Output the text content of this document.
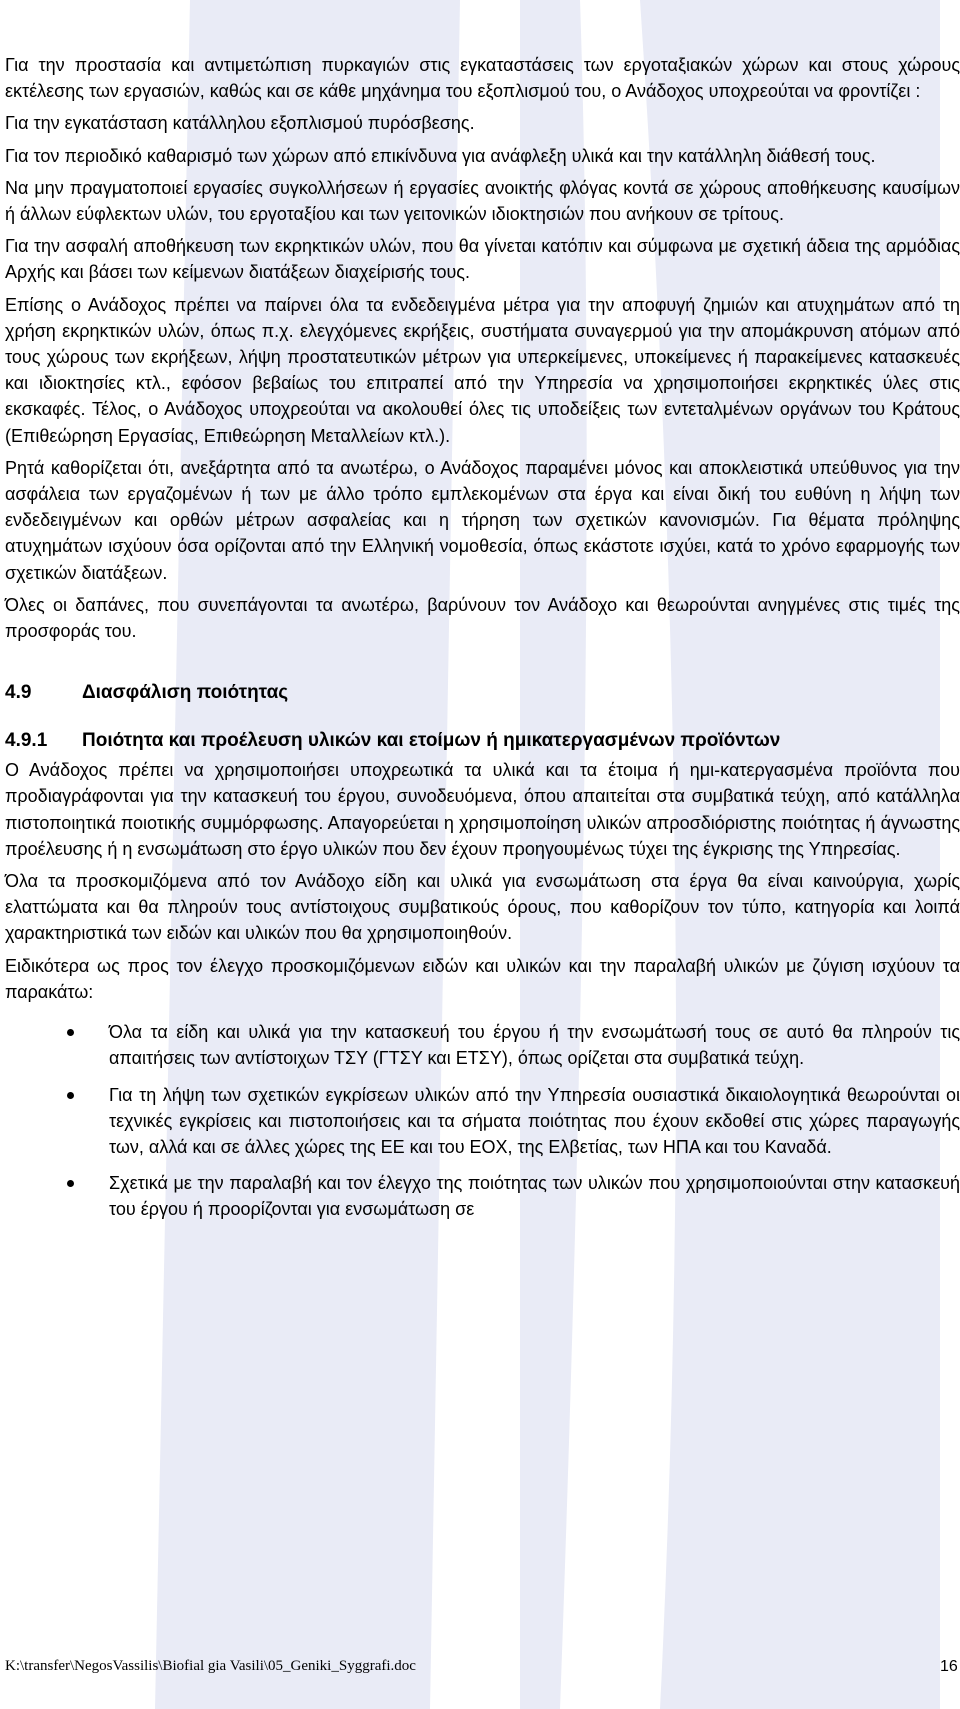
Για την προστασία και αντιμετώπιση πυρκαγιών στις εγκαταστάσεις των εργοταξιακών χώρων και στους χώρους εκτέλεσης των εργασιών, καθώς και σε κάθε μηχάνημα του εξοπλισμού του, ο Ανάδοχος υποχρεούται να φροντίζει :

Για την εγκατάσταση κατάλληλου εξοπλισμού πυρόσβεσης.

Για τον περιοδικό καθαρισμό των χώρων από επικίνδυνα για ανάφλεξη υλικά και την κατάλληλη διάθεσή τους.

Να μην πραγματοποιεί εργασίες συγκολλήσεων ή εργασίες ανοικτής φλόγας κοντά σε χώρους αποθήκευσης καυσίμων ή άλλων εύφλεκτων υλών, του εργοταξίου και των γειτονικών ιδιοκτησιών που ανήκουν σε τρίτους.

Για την ασφαλή αποθήκευση των εκρηκτικών υλών, που θα γίνεται κατόπιν και σύμφωνα με σχετική άδεια της αρμόδιας Αρχής και βάσει των κείμενων διατάξεων διαχείρισής τους.

Επίσης ο Ανάδοχος πρέπει να παίρνει όλα τα ενδεδειγμένα μέτρα για την αποφυγή ζημιών και ατυχημάτων από τη χρήση εκρηκτικών υλών, όπως π.χ. ελεγχόμενες εκρήξεις, συστήματα συναγερμού για την απομάκρυνση ατόμων από τους χώρους των εκρήξεων, λήψη προστατευτικών μέτρων για υπερκείμενες, υποκείμενες ή παρακείμενες κατασκευές και ιδιοκτησίες κτλ., εφόσον βεβαίως του επιτραπεί από την Υπηρεσία να χρησιμοποιήσει εκρηκτικές ύλες στις εκσκαφές. Τέλος, ο Ανάδοχος υποχρεούται να ακολουθεί όλες τις υποδείξεις των εντεταλμένων οργάνων του Κράτους (Επιθεώρηση Εργασίας, Επιθεώρηση Μεταλλείων κτλ.).

Ρητά καθορίζεται ότι, ανεξάρτητα από τα ανωτέρω, ο Ανάδοχος παραμένει μόνος και αποκλειστικά υπεύθυνος για την ασφάλεια των εργαζομένων ή των με άλλο τρόπο εμπλεκομένων στα έργα και είναι δική του ευθύνη η λήψη των ενδεδειγμένων και ορθών μέτρων ασφαλείας και η τήρηση των σχετικών κανονισμών. Για θέματα πρόληψης ατυχημάτων ισχύουν όσα ορίζονται από την Ελληνική νομοθεσία, όπως εκάστοτε ισχύει, κατά το χρόνο εφαρμογής των σχετικών διατάξεων.

Όλες οι δαπάνες, που συνεπάγονται τα ανωτέρω, βαρύνουν τον Ανάδοχο και θεωρούνται ανηγμένες στις τιμές της προσφοράς του.

4.9	Διασφάλιση ποιότητας
4.9.1	Ποιότητα και προέλευση υλικών και ετοίμων ή ημικατεργασμένων προϊόντων

Ο Ανάδοχος πρέπει να χρησιμοποιήσει υποχρεωτικά τα υλικά και τα έτοιμα ή ημι-κατεργασμένα προϊόντα που προδιαγράφονται για την κατασκευή του έργου, συνοδευόμενα, όπου απαιτείται στα συμβατικά τεύχη, από κατάλληλα πιστοποιητικά ποιοτικής συμμόρφωσης. Απαγορεύεται η χρησιμοποίηση υλικών απροσδιόριστης ποιότητας ή άγνωστης προέλευσης ή η ενσωμάτωση στο έργο υλικών που δεν έχουν προηγουμένως τύχει της έγκρισης της Υπηρεσίας.

Όλα τα προσκομιζόμενα από τον Ανάδοχο είδη και υλικά για ενσωμάτωση στα έργα θα είναι καινούργια, χωρίς ελαττώματα και θα πληρούν τους αντίστοιχους συμβατικούς όρους, που καθορίζουν τον τύπο, κατηγορία και λοιπά χαρακτηριστικά των ειδών και υλικών που θα χρησιμοποιηθούν.

Ειδικότερα ως προς τον έλεγχο προσκομιζόμενων ειδών και υλικών και την παραλαβή υλικών με ζύγιση ισχύουν τα παρακάτω:

Όλα τα είδη και υλικά για την κατασκευή του έργου ή την ενσωμάτωσή τους σε αυτό θα πληρούν τις απαιτήσεις των αντίστοιχων ΤΣΥ (ΓΤΣΥ και ΕΤΣΥ), όπως ορίζεται στα συμβατικά τεύχη.

Για τη λήψη των σχετικών εγκρίσεων υλικών από την Υπηρεσία ουσιαστικά δικαιολογητικά θεωρούνται οι τεχνικές εγκρίσεις και πιστοποιήσεις και τα σήματα ποιότητας που έχουν εκδοθεί στις χώρες παραγωγής των, αλλά και σε άλλες χώρες της ΕΕ και του ΕΟΧ, της Ελβετίας, των ΗΠΑ και του Καναδά.

Σχετικά με την παραλαβή και τον έλεγχο της ποιότητας των υλικών που χρησιμοποιούνται στην κατασκευή του έργου ή προορίζονται για ενσωμάτωση σε

K:\transfer\NegosVassilis\Biofial gia Vasili\05_Geniki_Syggrafi.doc	16
